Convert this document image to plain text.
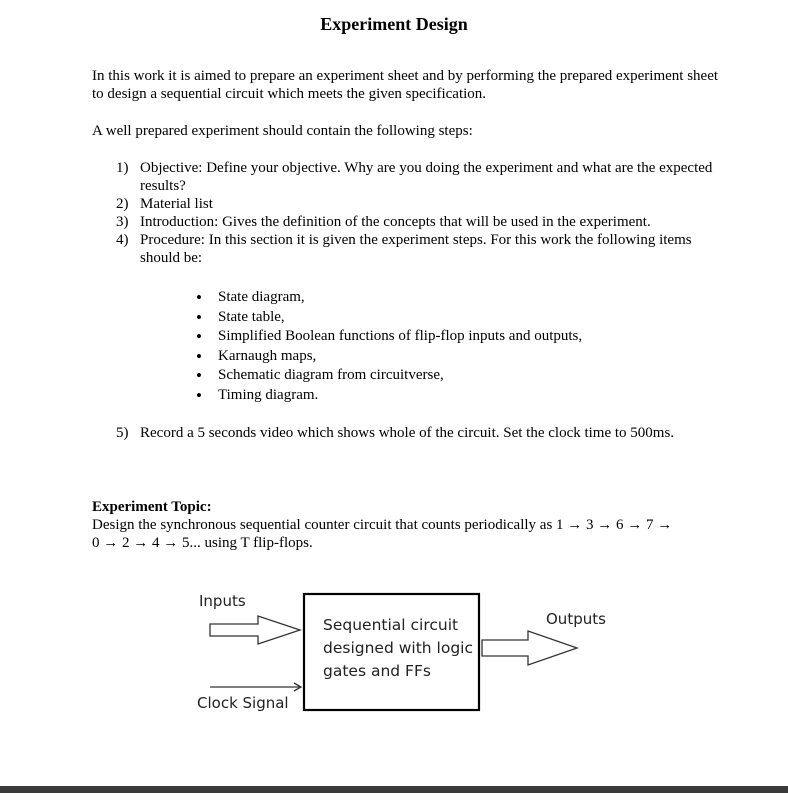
Experiment Design
In this work it is aimed to prepare an experiment sheet and by performing the prepared experiment sheet to design a sequential circuit which meets the given specification.
A well prepared experiment should contain the following steps:
1) Objective: Define your objective. Why are you doing the experiment and what are the expected results?
2) Material list
3) Introduction: Gives the definition of the concepts that will be used in the experiment.
4) Procedure: In this section it is given the experiment steps. For this work the following items should be:
• State diagram,
• State table,
• Simplified Boolean functions of flip-flop inputs and outputs,
• Karnaugh maps,
• Schematic diagram from circuitverse,
• Timing diagram.
5) Record a 5 seconds video which shows whole of the circuit. Set the clock time to 500ms.
Experiment Topic:
Design the synchronous sequential counter circuit that counts periodically as 1 → 3 → 6 → 7 →
0 → 2 → 4 → 5... using T flip-flops.
Inputs
Clock Signal
Outputs
Sequential circuit
designed with logic
gates and FFs
